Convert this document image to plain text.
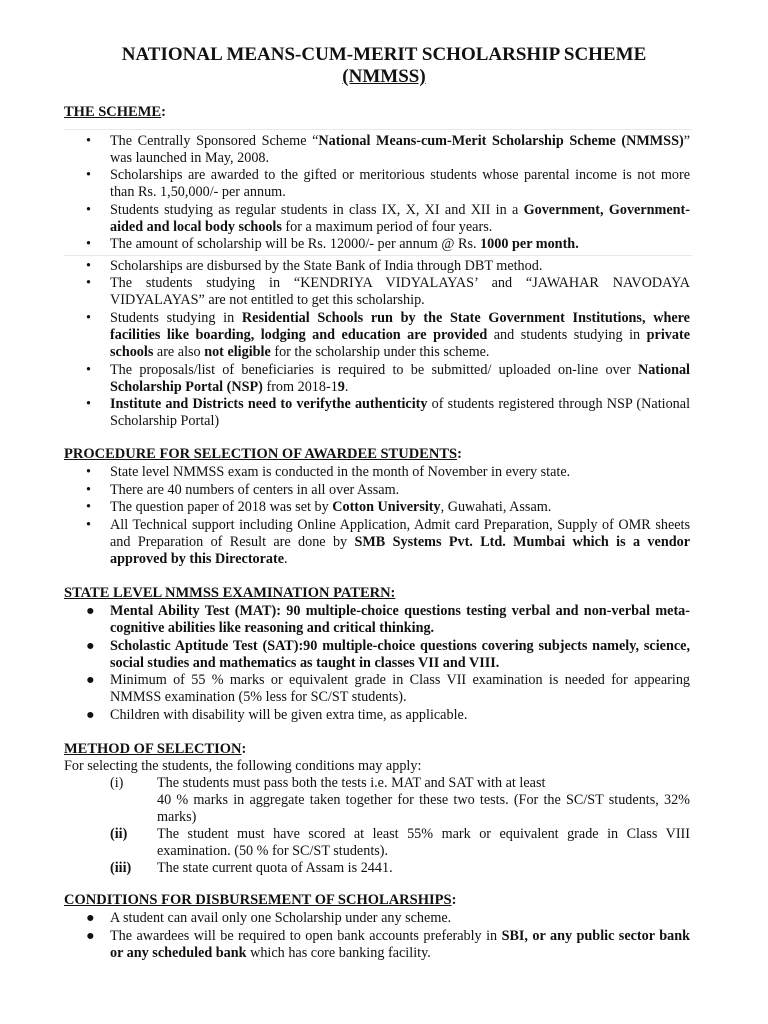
NATIONAL MEANS-CUM-MERIT SCHOLARSHIP SCHEME
(NMMSS)
THE SCHEME:
• The Centrally Sponsored Scheme “National Means-cum-Merit Scholarship Scheme (NMMSS)” was launched in May, 2008.
• Scholarships are awarded to the gifted or meritorious students whose parental income is not more than Rs. 1,50,000/- per annum.
• Students studying as regular students in class IX, X, XI and XII in a Government, Government-aided and local body schools for a maximum period of four years.
• The amount of scholarship will be Rs. 12000/- per annum @ Rs. 1000 per month.
• Scholarships are disbursed by the State Bank of India through DBT method.
• The students studying in “KENDRIYA VIDYALAYAS’ and “JAWAHAR NAVODAYA VIDYALAYAS” are not entitled to get this scholarship.
• Students studying in Residential Schools run by the State Government Institutions, where facilities like boarding, lodging and education are provided and students studying in private schools are also not eligible for the scholarship under this scheme.
• The proposals/list of beneficiaries is required to be submitted/ uploaded on-line over National Scholarship Portal (NSP) from 2018-19.
• Institute and Districts need to verifythe authenticity of students registered through NSP (National Scholarship Portal)
PROCEDURE FOR SELECTION OF AWARDEE STUDENTS:
• State level NMMSS exam is conducted in the month of November in every state.
• There are 40 numbers of centers in all over Assam.
• The question paper of 2018 was set by Cotton University, Guwahati, Assam.
• All Technical support including Online Application, Admit card Preparation, Supply of OMR sheets and Preparation of Result are done by SMB Systems Pvt. Ltd. Mumbai which is a vendor approved by this Directorate.
STATE LEVEL NMMSS EXAMINATION PATERN:
● Mental Ability Test (MAT): 90 multiple-choice questions testing verbal and non-verbal meta-cognitive abilities like reasoning and critical thinking.
● Scholastic Aptitude Test (SAT):90 multiple-choice questions covering subjects namely, science, social studies and mathematics as taught in classes VII and VIII.
● Minimum of 55 % marks or equivalent grade in Class VII examination is needed for appearing NMMSS examination (5% less for SC/ST students).
● Children with disability will be given extra time, as applicable.
METHOD OF SELECTION:
For selecting the students, the following conditions may apply:
(i) The students must pass both the tests i.e. MAT and SAT with at least
40 % marks in aggregate taken together for these two tests. (For the SC/ST students, 32% marks)
(ii) The student must have scored at least 55% mark or equivalent grade in Class VIII examination. (50 % for SC/ST students).
(iii) The state current quota of Assam is 2441.
CONDITIONS FOR DISBURSEMENT OF SCHOLARSHIPS:
● A student can avail only one Scholarship under any scheme.
● The awardees will be required to open bank accounts preferably in SBI, or any public sector bank or any scheduled bank which has core banking facility.
